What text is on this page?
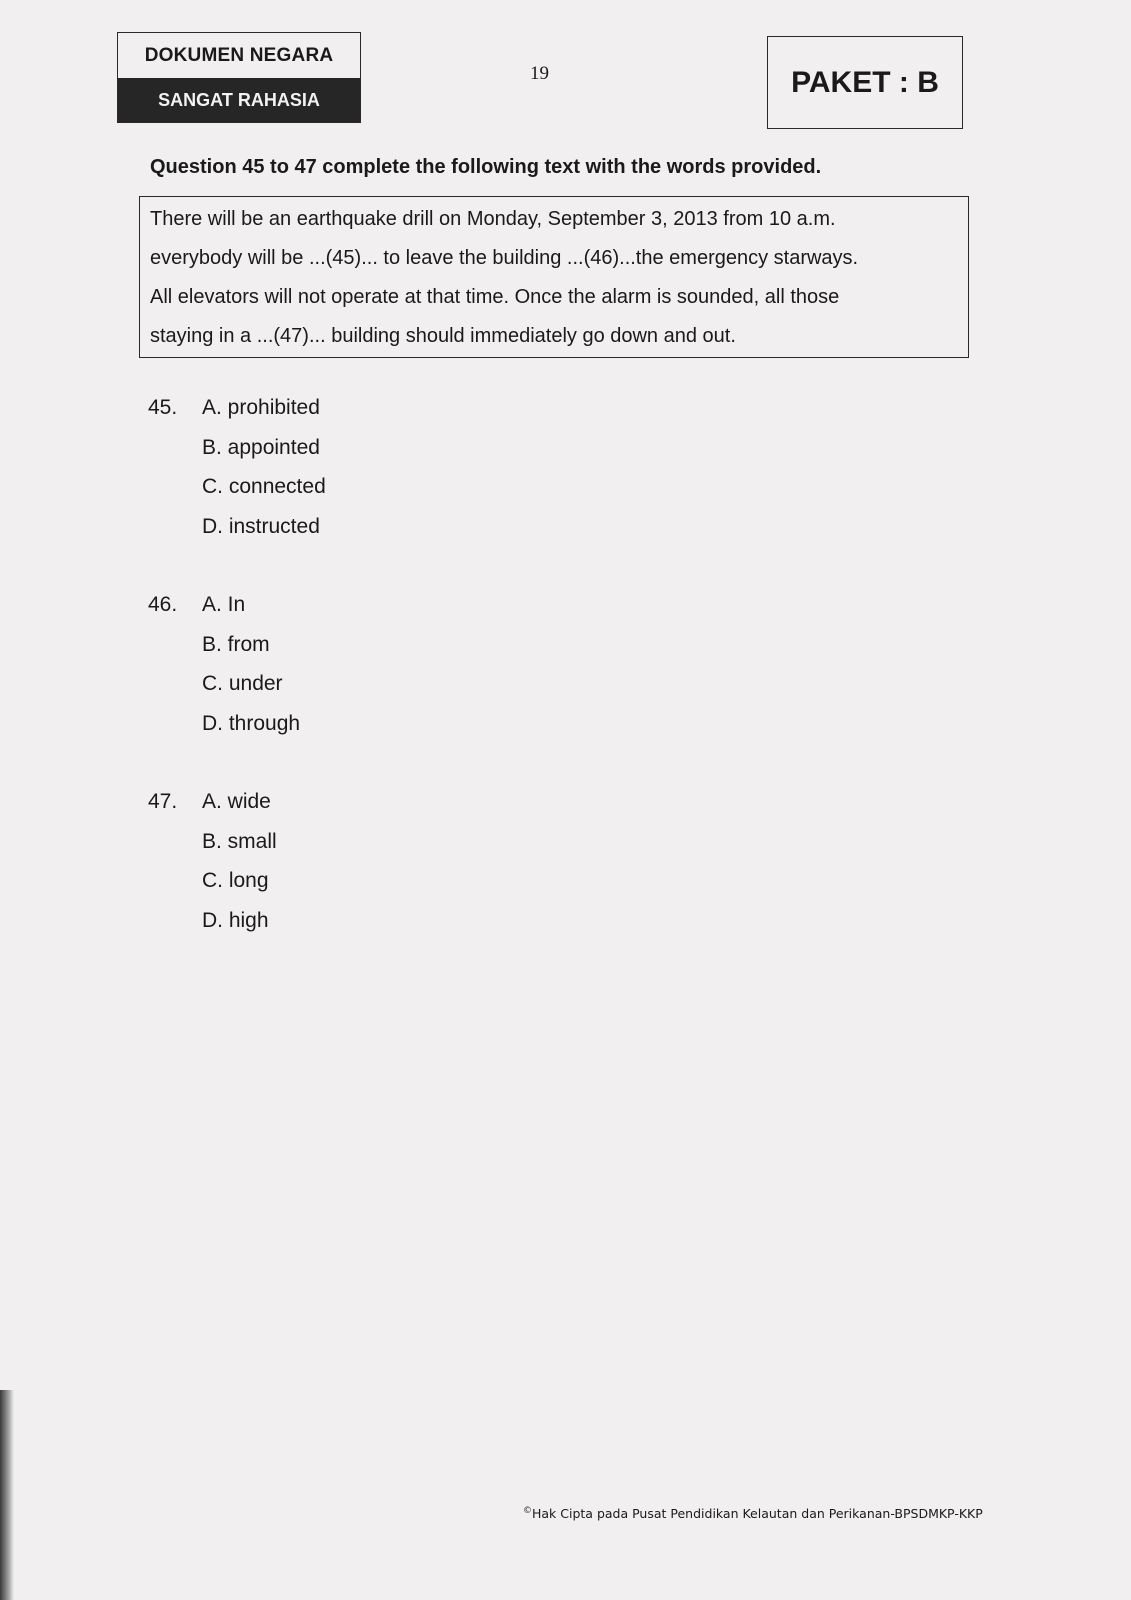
DOKUMEN NEGARA
SANGAT RAHASIA
19	PAKET : B
Question 45 to 47 complete the following text with the words provided.
There will be an earthquake drill on Monday, September 3, 2013 from 10 a.m.
everybody will be ...(45)... to leave the building ...(46)...the emergency starways.
All elevators will not operate at that time. Once the alarm is sounded, all those
staying in a ...(47)... building should immediately go down and out.
45.	A. prohibited
B. appointed
C. connected
D. instructed
46.	A. In
B. from
C. under
D. through
47.	A. wide
B. small
C. long
D. high
©Hak Cipta pada Pusat Pendidikan Kelautan dan Perikanan-BPSDMKP-KKP
